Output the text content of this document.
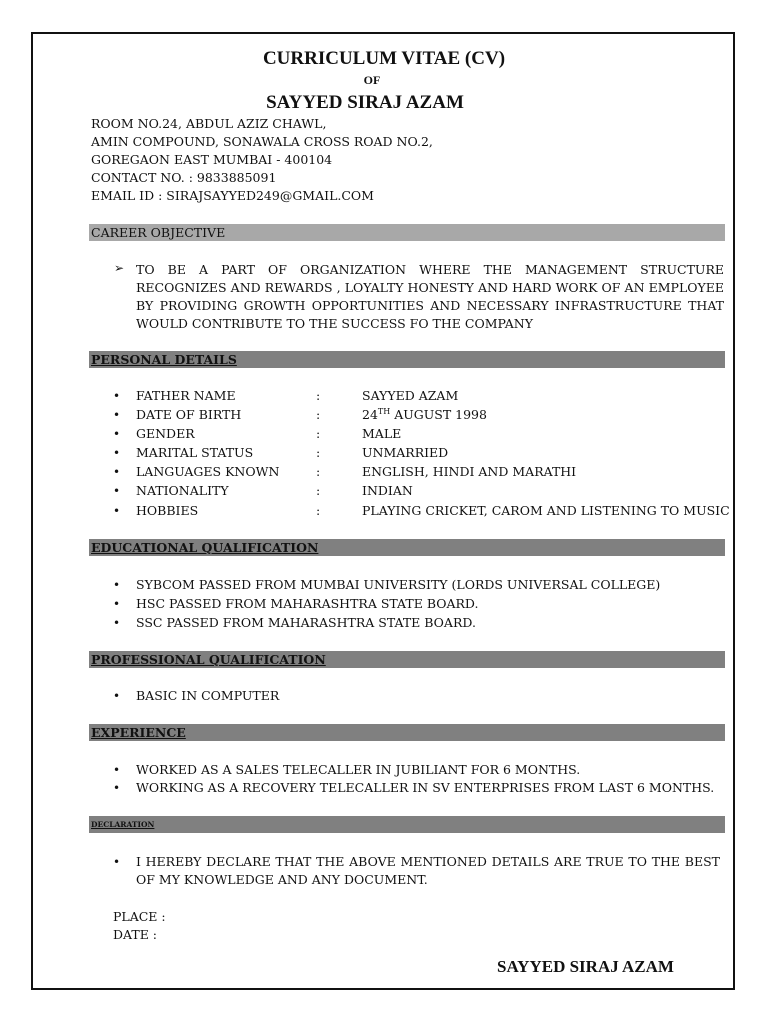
CURRICULUM VITAE (CV)
OF
SAYYED SIRAJ AZAM
ROOM NO.24, ABDUL AZIZ CHAWL,
AMIN COMPOUND, SONAWALA CROSS ROAD NO.2,
GOREGAON EAST MUMBAI - 400104
CONTACT NO. : 9833885091
EMAIL ID : SIRAJSAYYED249@GMAIL.COM
CAREER OBJECTIVE
➢ TO BE A PART OF ORGANIZATION WHERE THE MANAGEMENT STRUCTURE RECOGNIZES AND REWARDS , LOYALTY HONESTY AND HARD WORK OF AN EMPLOYEE BY PROVIDING GROWTH OPPORTUNITIES AND NECESSARY INFRASTRUCTURE THAT WOULD CONTRIBUTE TO THE SUCCESS FO THE COMPANY
PERSONAL DETAILS
• FATHER NAME	:	SAYYED AZAM
• DATE OF BIRTH	:	24TH AUGUST 1998
• GENDER	:	MALE
• MARITAL STATUS	:	UNMARRIED
• LANGUAGES KNOWN	:	ENGLISH, HINDI AND MARATHI
• NATIONALITY	:	INDIAN
• HOBBIES	:	PLAYING CRICKET, CAROM AND LISTENING TO MUSIC
EDUCATIONAL QUALIFICATION
• SYBCOM PASSED FROM MUMBAI UNIVERSITY (LORDS UNIVERSAL COLLEGE)
• HSC PASSED FROM MAHARASHTRA STATE BOARD.
• SSC PASSED FROM MAHARASHTRA STATE BOARD.
PROFESSIONAL QUALIFICATION
• BASIC IN COMPUTER
EXPERIENCE
• WORKED AS A SALES TELECALLER IN JUBILIANT FOR 6 MONTHS.
• WORKING AS A RECOVERY TELECALLER IN SV ENTERPRISES FROM LAST 6 MONTHS.
DECLARATION
• I HEREBY DECLARE THAT THE ABOVE MENTIONED DETAILS ARE TRUE TO THE BEST OF MY KNOWLEDGE AND ANY DOCUMENT.
PLACE :
DATE :
SAYYED SIRAJ AZAM
